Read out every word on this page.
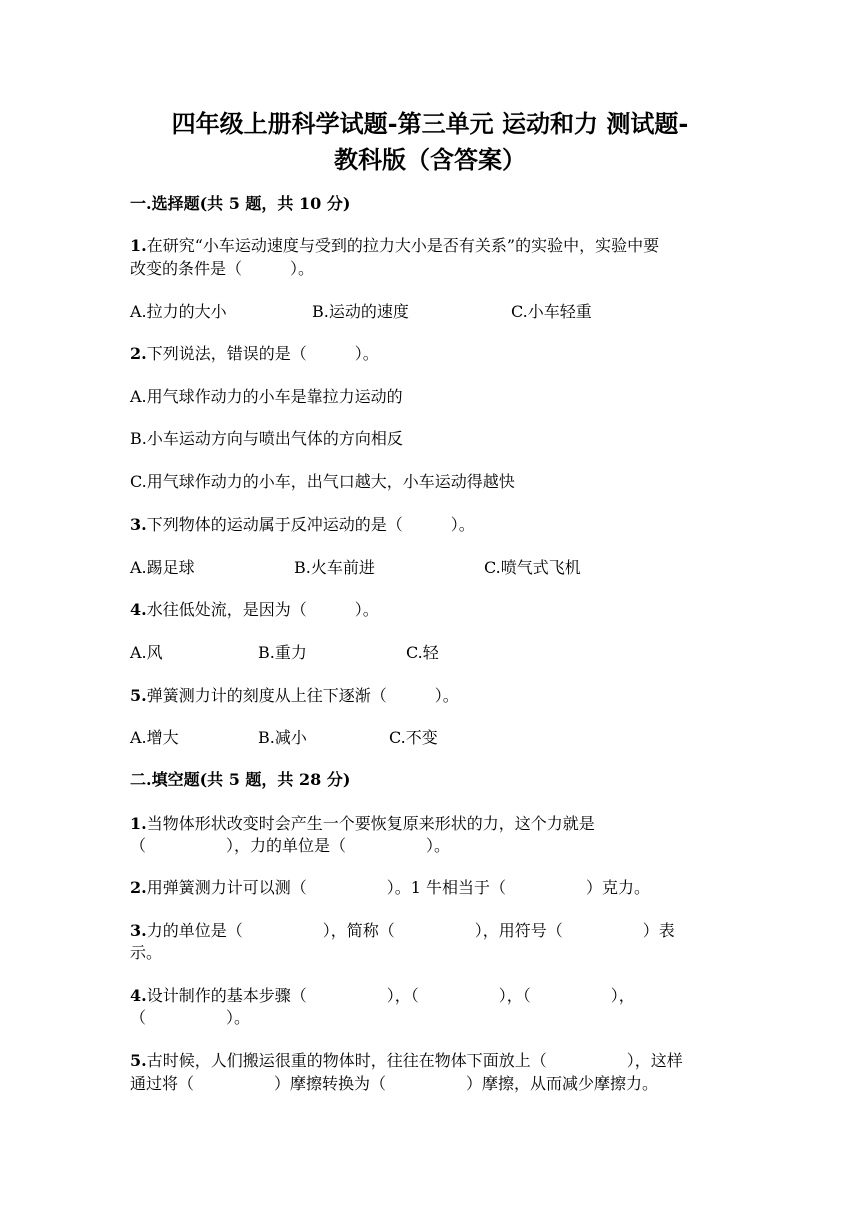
四年级上册科学试题-第三单元 运动和力 测试题-
教科版（含答案）
一.选择题(共 5 题，共 10 分)
1.在研究“小车运动速度与受到的拉力大小是否有关系”的实验中，实验中要
改变的条件是（　　　）。
A.拉力的大小	B.运动的速度	C.小车轻重
2.下列说法，错误的是（　　　）。
A.用气球作动力的小车是靠拉力运动的
B.小车运动方向与喷出气体的方向相反
C.用气球作动力的小车，出气口越大，小车运动得越快
3.下列物体的运动属于反冲运动的是（　　　）。
A.踢足球	B.火车前进	C.喷气式飞机
4.水往低处流，是因为（　　　）。
A.风	B.重力	C.轻
5.弹簧测力计的刻度从上往下逐渐（　　　）。
A.增大	B.减小	C.不变
二.填空题(共 5 题，共 28 分)
1.当物体形状改变时会产生一个要恢复原来形状的力，这个力就是
（　　　　　），力的单位是（　　　　　）。
2.用弹簧测力计可以测（　　　　　）。1 牛相当于（　　　　　）克力。
3.力的单位是（　　　　　），简称（　　　　　），用符号（　　　　　）表
示。
4.设计制作的基本步骤（　　　　　），（　　　　　），（　　　　　），
（　　　　　）。
5.古时候，人们搬运很重的物体时，往往在物体下面放上（　　　　　），这样
通过将（　　　　　）摩擦转换为（　　　　　）摩擦，从而减少摩擦力。
